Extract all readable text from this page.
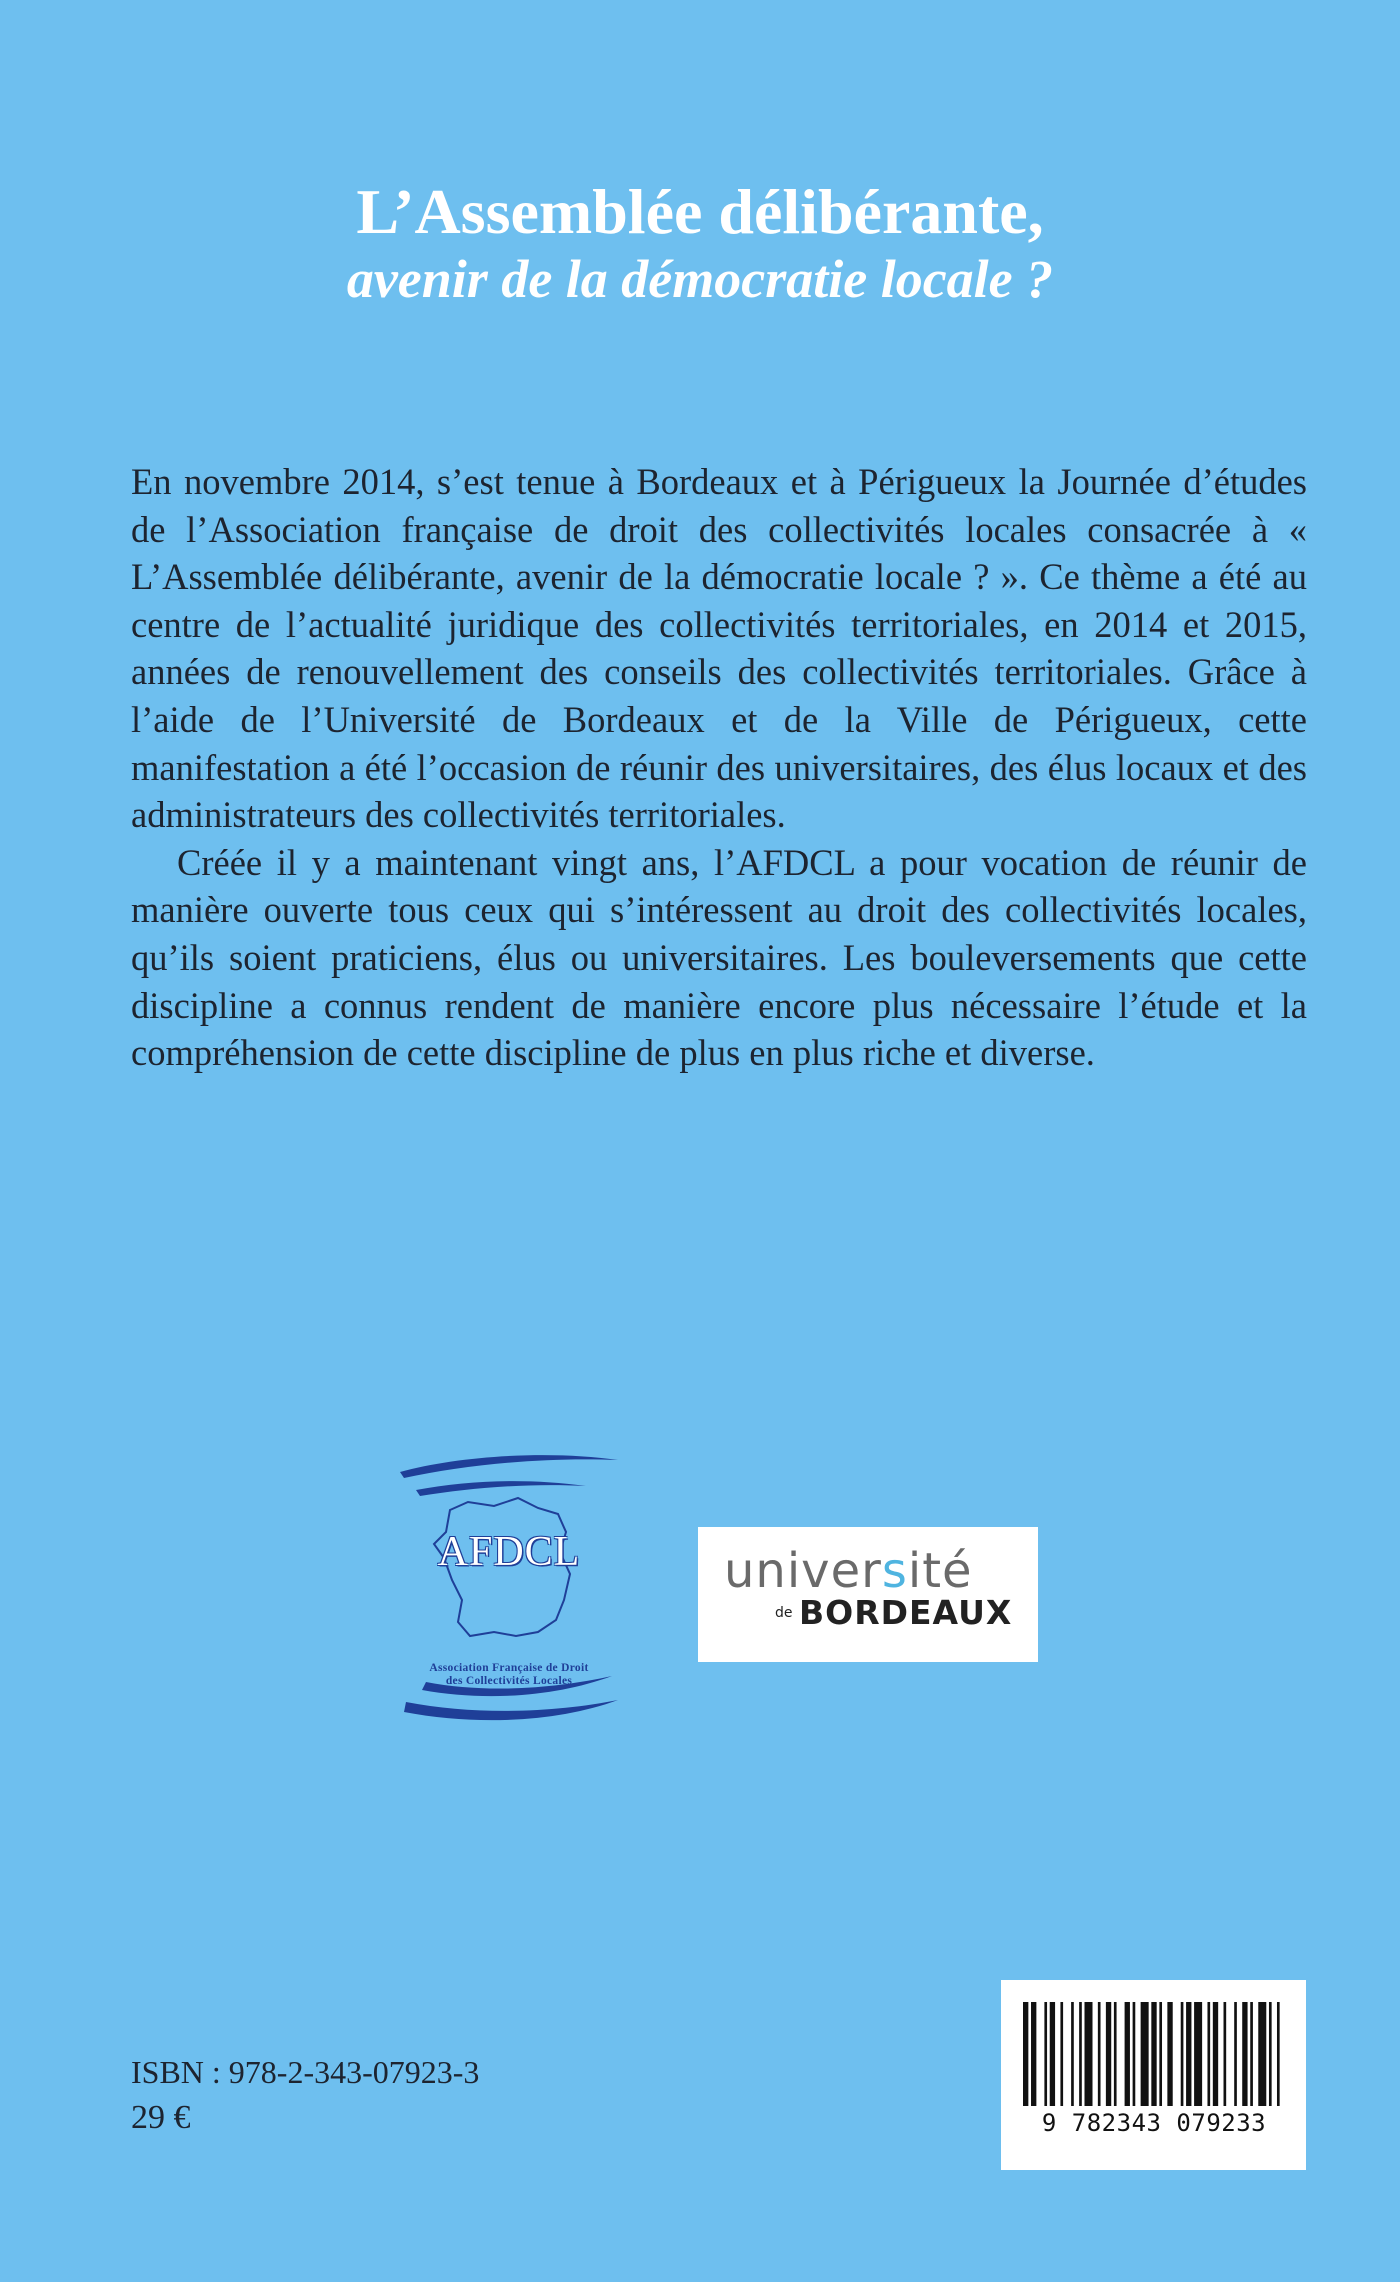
L’Assemblée délibérante,
avenir de la démocratie locale ?

En novembre 2014, s’est tenue à Bordeaux et à Périgueux la Journée d’études de l’Association française de droit des collectivités locales consacrée à « L’Assemblée délibérante, avenir de la démocratie locale ? ». Ce thème a été au centre de l’actualité juridique des collectivités territoriales, en 2014 et 2015, années de renouvellement des conseils des collectivités territoriales. Grâce à l’aide de l’Université de Bordeaux et de la Ville de Périgueux, cette manifestation a été l’occasion de réunir des universitaires, des élus locaux et des administrateurs des collectivités territoriales.

Créée il y a maintenant vingt ans, l’AFDCL a pour vocation de réunir de manière ouverte tous ceux qui s’intéressent au droit des collectivités locales, qu’ils soient praticiens, élus ou universitaires. Les bouleversements que cette discipline a connus rendent de manière encore plus nécessaire l’étude et la compréhension de cette discipline de plus en plus riche et diverse.

AFDCL
Association Française de Droit
des Collectivités Locales
université
de BORDEAUX
ISBN : 978-2-343-07923-3
29 €	9 782343 079233
